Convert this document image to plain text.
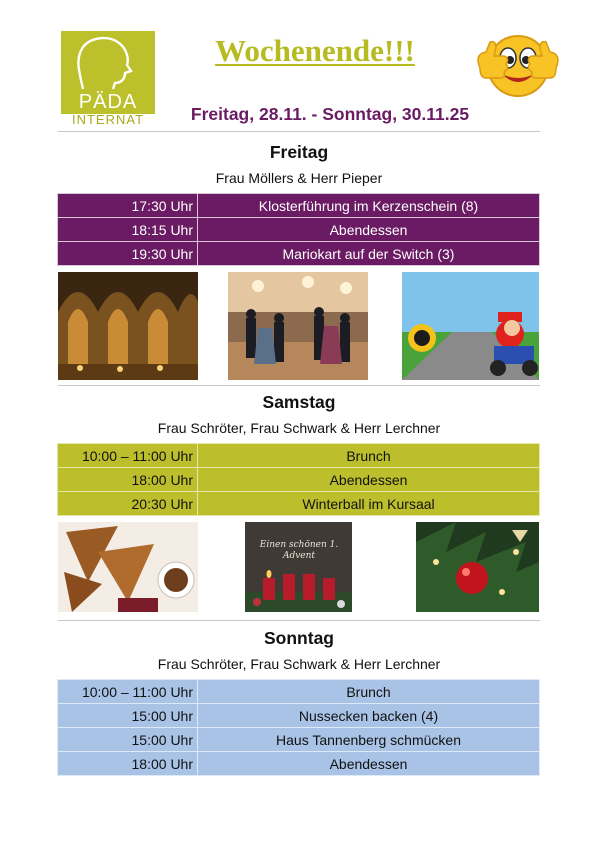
PÄDA
INTERNAT
Wochenende!!!
Freitag, 28.11. - Sonntag, 30.11.25
Freitag
Frau Möllers & Herr Pieper
17:30 Uhr	Klosterführung im Kerzenschein (8)
18:15 Uhr	Abendessen
19:30 Uhr	Mariokart auf der Switch (3)
Samstag
Frau Schröter, Frau Schwark & Herr Lerchner
10:00 – 11:00 Uhr	Brunch
18:00 Uhr	Abendessen
20:30 Uhr	Winterball im Kursaal
Einen schönen 1. Advent
Sonntag
Frau Schröter, Frau Schwark & Herr Lerchner
10:00 – 11:00 Uhr	Brunch
15:00 Uhr	Nussecken backen (4)
15:00 Uhr	Haus Tannenberg schmücken
18:00 Uhr	Abendessen
